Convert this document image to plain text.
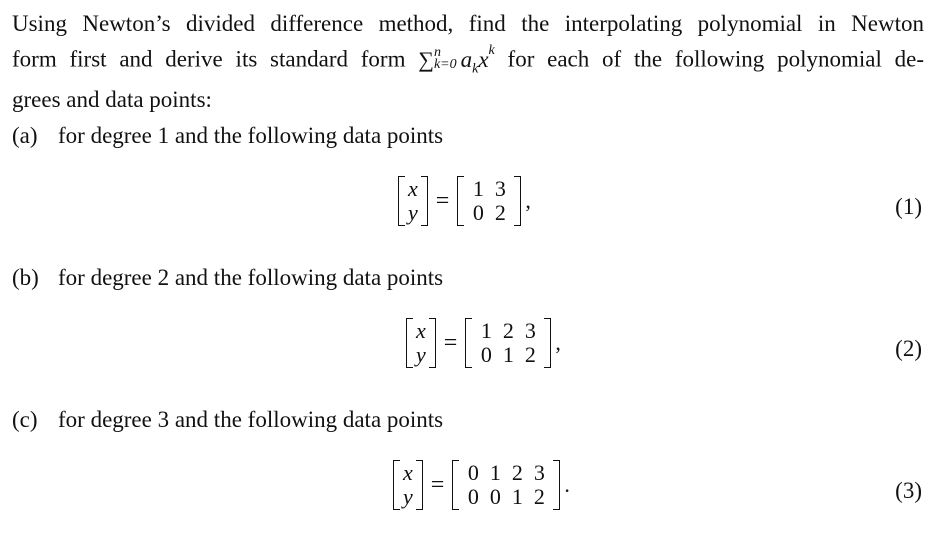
Using Newton’s divided difference method, find the interpolating polynomial in Newton
form first and derive its standard form ∑ n
k=0 $a_kx^k$ for each of the following polynomial de-
grees and data points:
(a) for degree 1 and the following data points
x
y = 1 3
0 2 ,	(1)
(b) for degree 2 and the following data points
x
y = 1 2 3
0 1 2 ,	(2)
(c) for degree 3 and the following data points
x
y = 0 1 2 3
0 0 1 2 .	(3)
